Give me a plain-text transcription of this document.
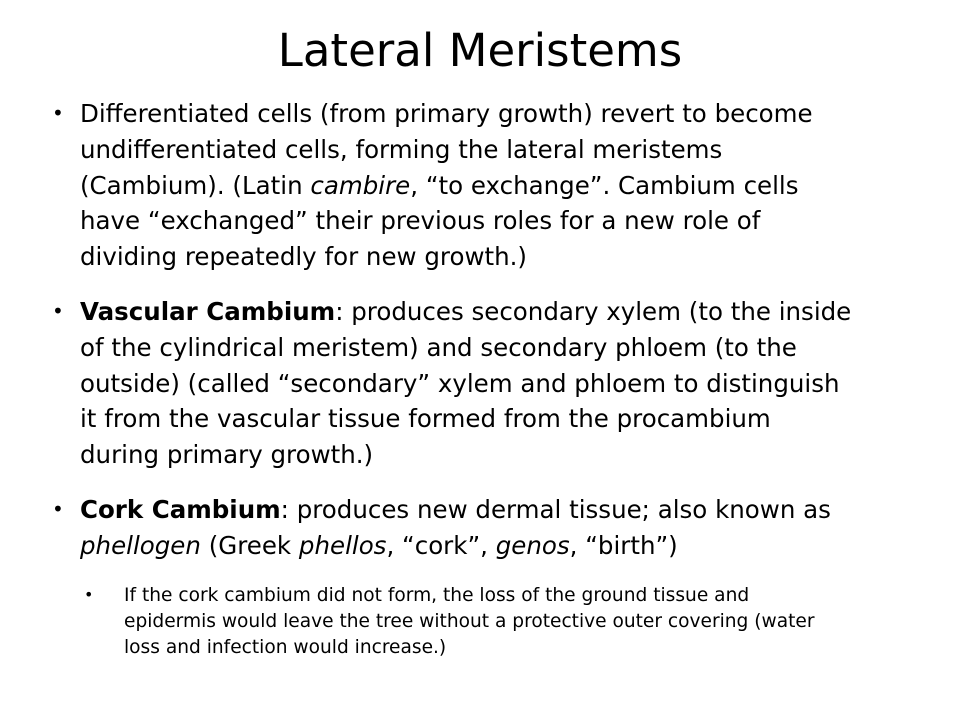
Lateral Meristems
• Differentiated cells (from primary growth) revert to become undifferentiated cells, forming the lateral meristems (Cambium). (Latin cambire, “to exchange”. Cambium cells have “exchanged” their previous roles for a new role of dividing repeatedly for new growth.)
• Vascular Cambium: produces secondary xylem (to the inside of the cylindrical meristem) and secondary phloem (to the outside) (called “secondary” xylem and phloem to distinguish it from the vascular tissue formed from the procambium during primary growth.)
• Cork Cambium: produces new dermal tissue; also known as phellogen (Greek phellos, “cork”, genos, “birth”)
• If the cork cambium did not form, the loss of the ground tissue and epidermis would leave the tree without a protective outer covering (water loss and infection would increase.)
